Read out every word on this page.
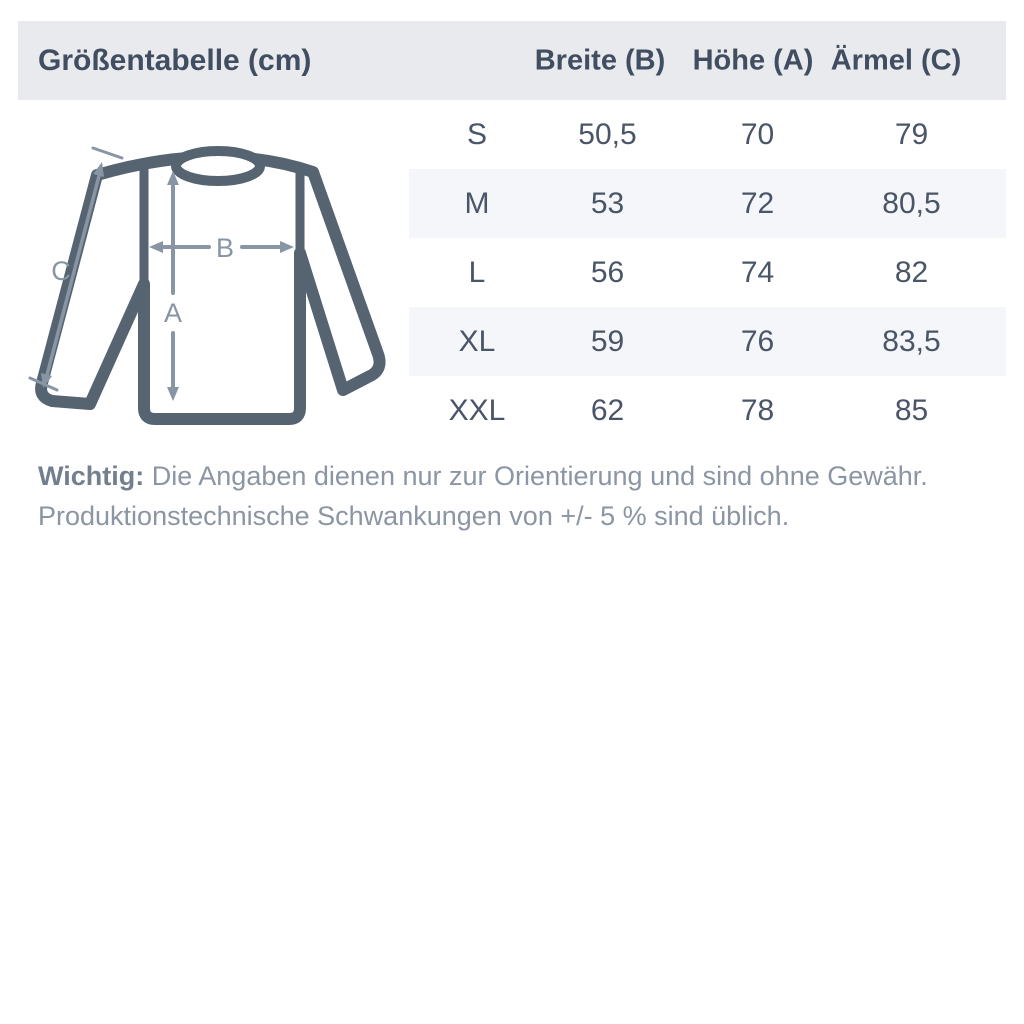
Größentabelle (cm)	Breite (B) Höhe (A) Ärmel (C)
A
B
C
S	50,5	70	79
M	53	72	80,5
L	56	74	82
XL	59	76	83,5
XXL	62	78	85

Wichtig: Die Angaben dienen nur zur Orientierung und sind ohne Gewähr. Produktionstechnische Schwankungen von +/- 5 % sind üblich.
